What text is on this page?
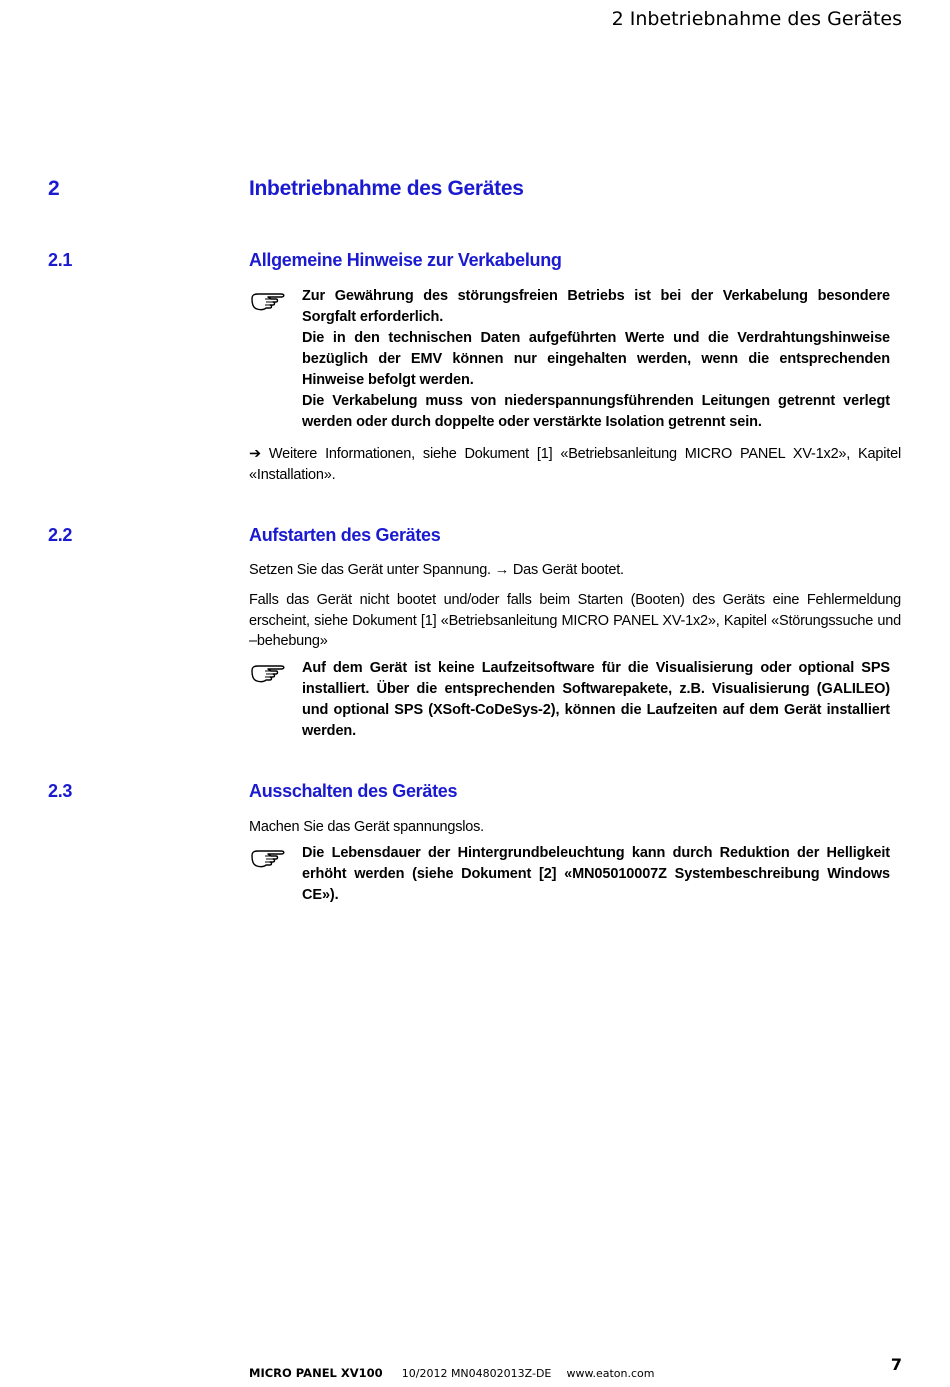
2 Inbetriebnahme des Gerätes
2	Inbetriebnahme des Gerätes
2.1	Allgemeine Hinweise zur Verkabelung

Zur Gewährung des störungsfreien Betriebs ist bei der Verkabelung besondere Sorgfalt erforderlich.

Die in den technischen Daten aufgeführten Werte und die Verdrahtungshinweise bezüglich der EMV können nur eingehalten werden, wenn die entsprechenden Hinweise befolgt werden.

Die Verkabelung muss von niederspannungsführenden Leitungen getrennt verlegt werden oder durch doppelte oder verstärkte Isolation getrennt sein.

➔ Weitere Informationen, siehe Dokument [1] «Betriebsanleitung MICRO PANEL XV-1x2», Kapitel «Installation».

2.2	Aufstarten des Gerätes

Setzen Sie das Gerät unter Spannung. → Das Gerät bootet.

Falls das Gerät nicht bootet und/oder falls beim Starten (Booten) des Geräts eine Fehlermeldung erscheint, siehe Dokument [1] «Betriebsanleitung MICRO PANEL XV-1x2», Kapitel «Störungssuche und –behebung»

Auf dem Gerät ist keine Laufzeitsoftware für die Visualisierung oder optional SPS installiert. Über die entsprechenden Softwarepakete, z.B. Visualisierung (GALILEO) und optional SPS (XSoft-CoDeSys-2), können die Laufzeiten auf dem Gerät installiert werden.

2.3	Ausschalten des Gerätes

Machen Sie das Gerät spannungslos.

Die Lebensdauer der Hintergrundbeleuchtung kann durch Reduktion der Helligkeit erhöht werden (siehe Dokument [2] «MN05010007Z Systembeschreibung Windows CE»).

MICRO PANEL XV100 10/2012 MN04802013Z-DE www.eaton.com	7
